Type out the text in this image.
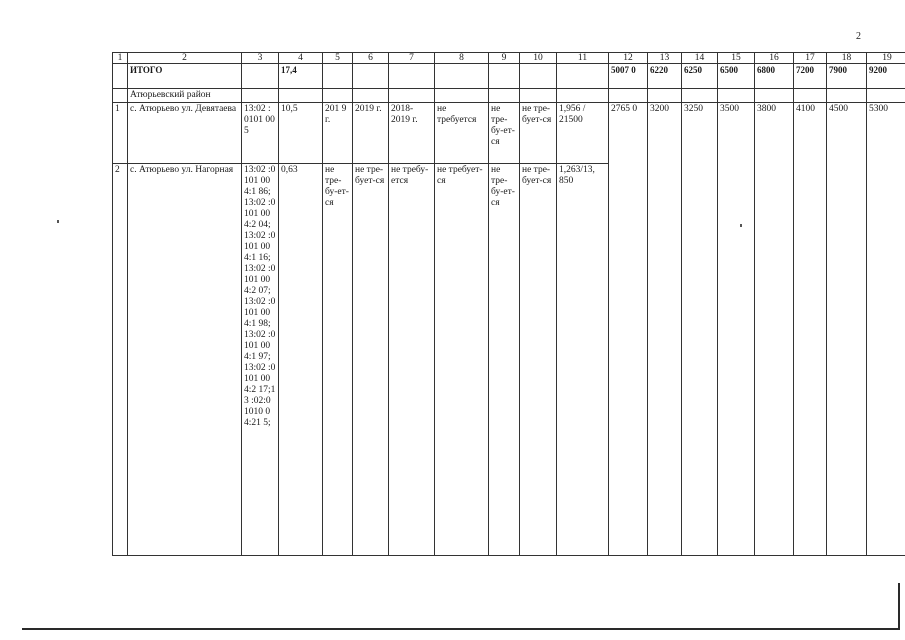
2
1	2	3	4	5	6	7	8	9	10	11	12	13	14	15	16	17	18	19
	ИТОГО		17,4								5007 0	6220	6250	6500	6800	7200	7900	9200
	Атюрьевский район																	
1	с. Атюрьево ул. Девятаева	13:02 : 0101 005	10,5	201 9 г.	2019 г.	2018-2019 г.	не требуется	не тре-бу-ет-ся	не тре-бует-ся	1,956 / 21500	2765 0	3200	3250	3500	3800	4100	4500	5300
2	с. Атюрьево ул. Нагорная	13:02 :0101 004:1 86; 13:02 :0101 004:2 04; 13:02 :0101 004:1 16; 13:02 :0101 004:2 07; 13:02 :0101 004:1 98; 13:02 :0101 004:1 97; 13:02 :0101 004:2 17;13 :02:0 1010 04:21 5;	0,63	не тре-бу-ет-ся	не тре-бует-ся	не требу-ется	не требует-ся	не тре-бу-ет-ся	не тре-бует-ся	1,263/13, 850								
